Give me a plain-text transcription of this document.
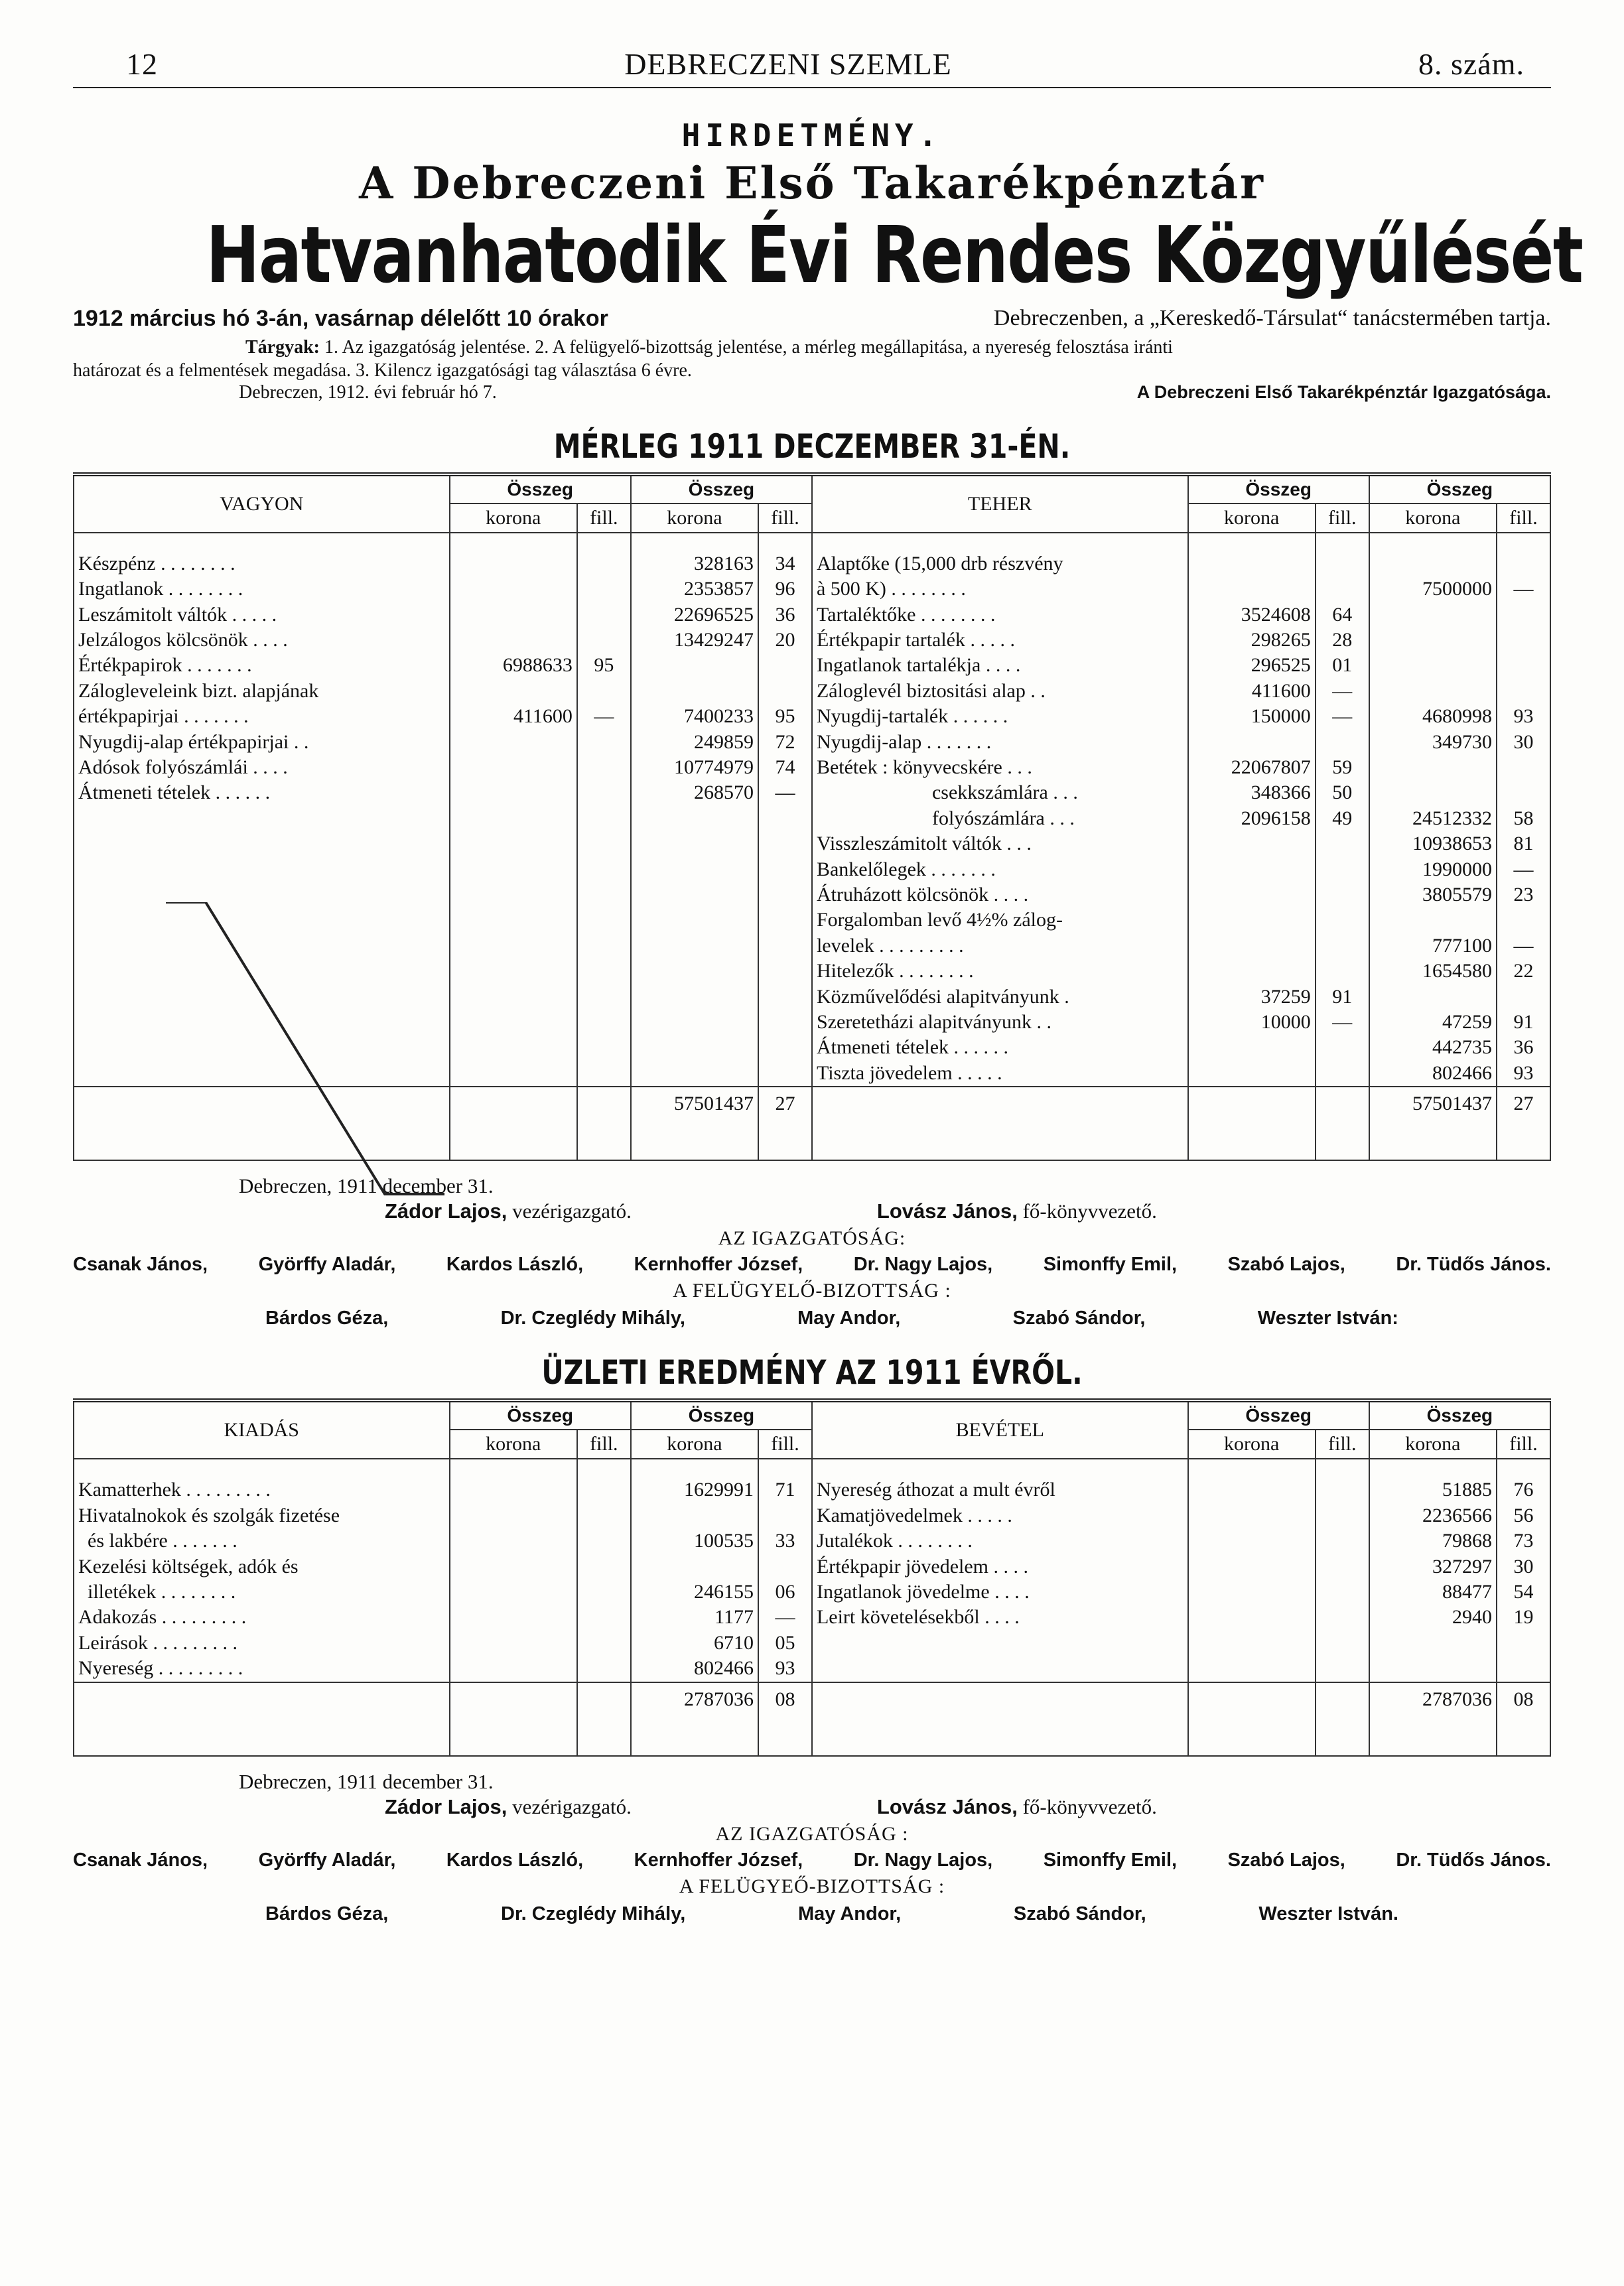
12	DEBRECZENI SZEMLE	8. szám.
HIRDETMÉNY.
A Debreczeni Első Takarékpénztár
Hatvanhatodik Évi Rendes Közgyűlését
1912 március hó 3-án, vasárnap délelőtt 10 órakor	Debreczenben, a „Kereskedő-Társulat“ tanácstermében tartja.
Tárgyak: 1. Az igazgatóság jelentése. 2. A felügyelő-bizottság jelentése, a mérleg megállapitása, a nyereség felosztása iránti
határozat és a felmentések megadása. 3. Kilencz igazgatósági tag választása 6 évre.
Debreczen, 1912. évi február hó 7.	A Debreczeni Első Takarékpénztár Igazgatósága.
MÉRLEG 1911 DECZEMBER 31-ÉN.
VAGYON	Összeg		Összeg		TEHER	Összeg		Összeg	
	korona	fill.	korona	fill.		korona	fill.	korona	fill.

Készpénz . . . . . . . .			328163	34	Alaptőke (15,000 drb részvény				
Ingatlanok . . . . . . . .			2353857	96	à 500 K) . . . . . . . .			7500000	—
Leszámitolt váltók . . . . .			22696525	36	Tartaléktőke . . . . . . . .	3524608	64		
Jelzálogos kölcsönök . . . .			13429247	20	Értékpapir tartalék . . . . .	298265	28		
Értékpapirok . . . . . . .	6988633	95			Ingatlanok tartalékja . . . .	296525	01		
Zálogleveleink bizt. alapjának					Záloglevél biztositási alap . .	411600	—		
értékpapirjai . . . . . . .	411600	—	7400233	95	Nyugdij-tartalék . . . . . .	150000	—	4680998	93
Nyugdij-alap értékpapirjai . .			249859	72	Nyugdij-alap . . . . . . .			349730	30
Adósok folyószámlái . . . .			10774979	74	Betétek : könyvecskére . . .	22067807	59		
Átmeneti tételek . . . . . .			268570	—	csekkszámlára . . .	348366	50		
					folyószámlára . . .	2096158	49	24512332	58
					Visszleszámitolt váltók . . .			10938653	81
					Bankelőlegek . . . . . . .			1990000	—
					Átruházott kölcsönök . . . .			3805579	23
					Forgalomban levő 4½% zálog-				
					levelek . . . . . . . . .			777100	—
					Hitelezők . . . . . . . .			1654580	22
					Közművelődési alapitványunk .	37259	91		
					Szeretetházi alapitványunk . .	10000	—	47259	91
					Átmeneti tételek . . . . . .			442735	36
					Tiszta jövedelem . . . . .			802466	93
			57501437	27				57501437	27

Debreczen, 1911 december 31.
Zádor Lajos, vezérigazgató.	Lovász János, fő-könyvvezető.
AZ IGAZGATÓSÁG:
Csanak János,	Györffy Aladár,	Kardos László,	Kernhoffer József,	Dr. Nagy Lajos,	Simonffy Emil,	Szabó Lajos,	Dr. Tüdős János.
A FELÜGYELŐ-BIZOTTSÁG :
Bárdos Géza,	Dr. Czeglédy Mihály,	May Andor,	Szabó Sándor,	Weszter István:
ÜZLETI EREDMÉNY AZ 1911 ÉVRŐL.
KIADÁS	Összeg		Összeg		BEVÉTEL	Összeg		Összeg	
	korona	fill.	korona	fill.		korona	fill.	korona	fill.

Kamatterhek . . . . . . . . .			1629991	71	Nyereség áthozat a mult évről			51885	76
Hivatalnokok és szolgák fizetése					Kamatjövedelmek . . . . .			2236566	56
és lakbére . . . . . . .			100535	33	Jutalékok . . . . . . . .			79868	73
Kezelési költségek, adók és					Értékpapir jövedelem . . . .			327297	30
illetékek . . . . . . . .			246155	06	Ingatlanok jövedelme . . . .			88477	54
Adakozás . . . . . . . . .			1177	—	Leirt követelésekből . . . .			2940	19
Leirások . . . . . . . . .			6710	05					
Nyereség . . . . . . . . .			802466	93					
			2787036	08				2787036	08

Debreczen, 1911 december 31.
Zádor Lajos, vezérigazgató.	Lovász János, fő-könyvvezető.
AZ IGAZGATÓSÁG :
Csanak János,	Györffy Aladár,	Kardos László,	Kernhoffer József,	Dr. Nagy Lajos,	Simonffy Emil,	Szabó Lajos,	Dr. Tüdős János.
A FELÜGYEŐ-BIZOTTSÁG :
Bárdos Géza,	Dr. Czeglédy Mihály,	May Andor,	Szabó Sándor,	Weszter István.
